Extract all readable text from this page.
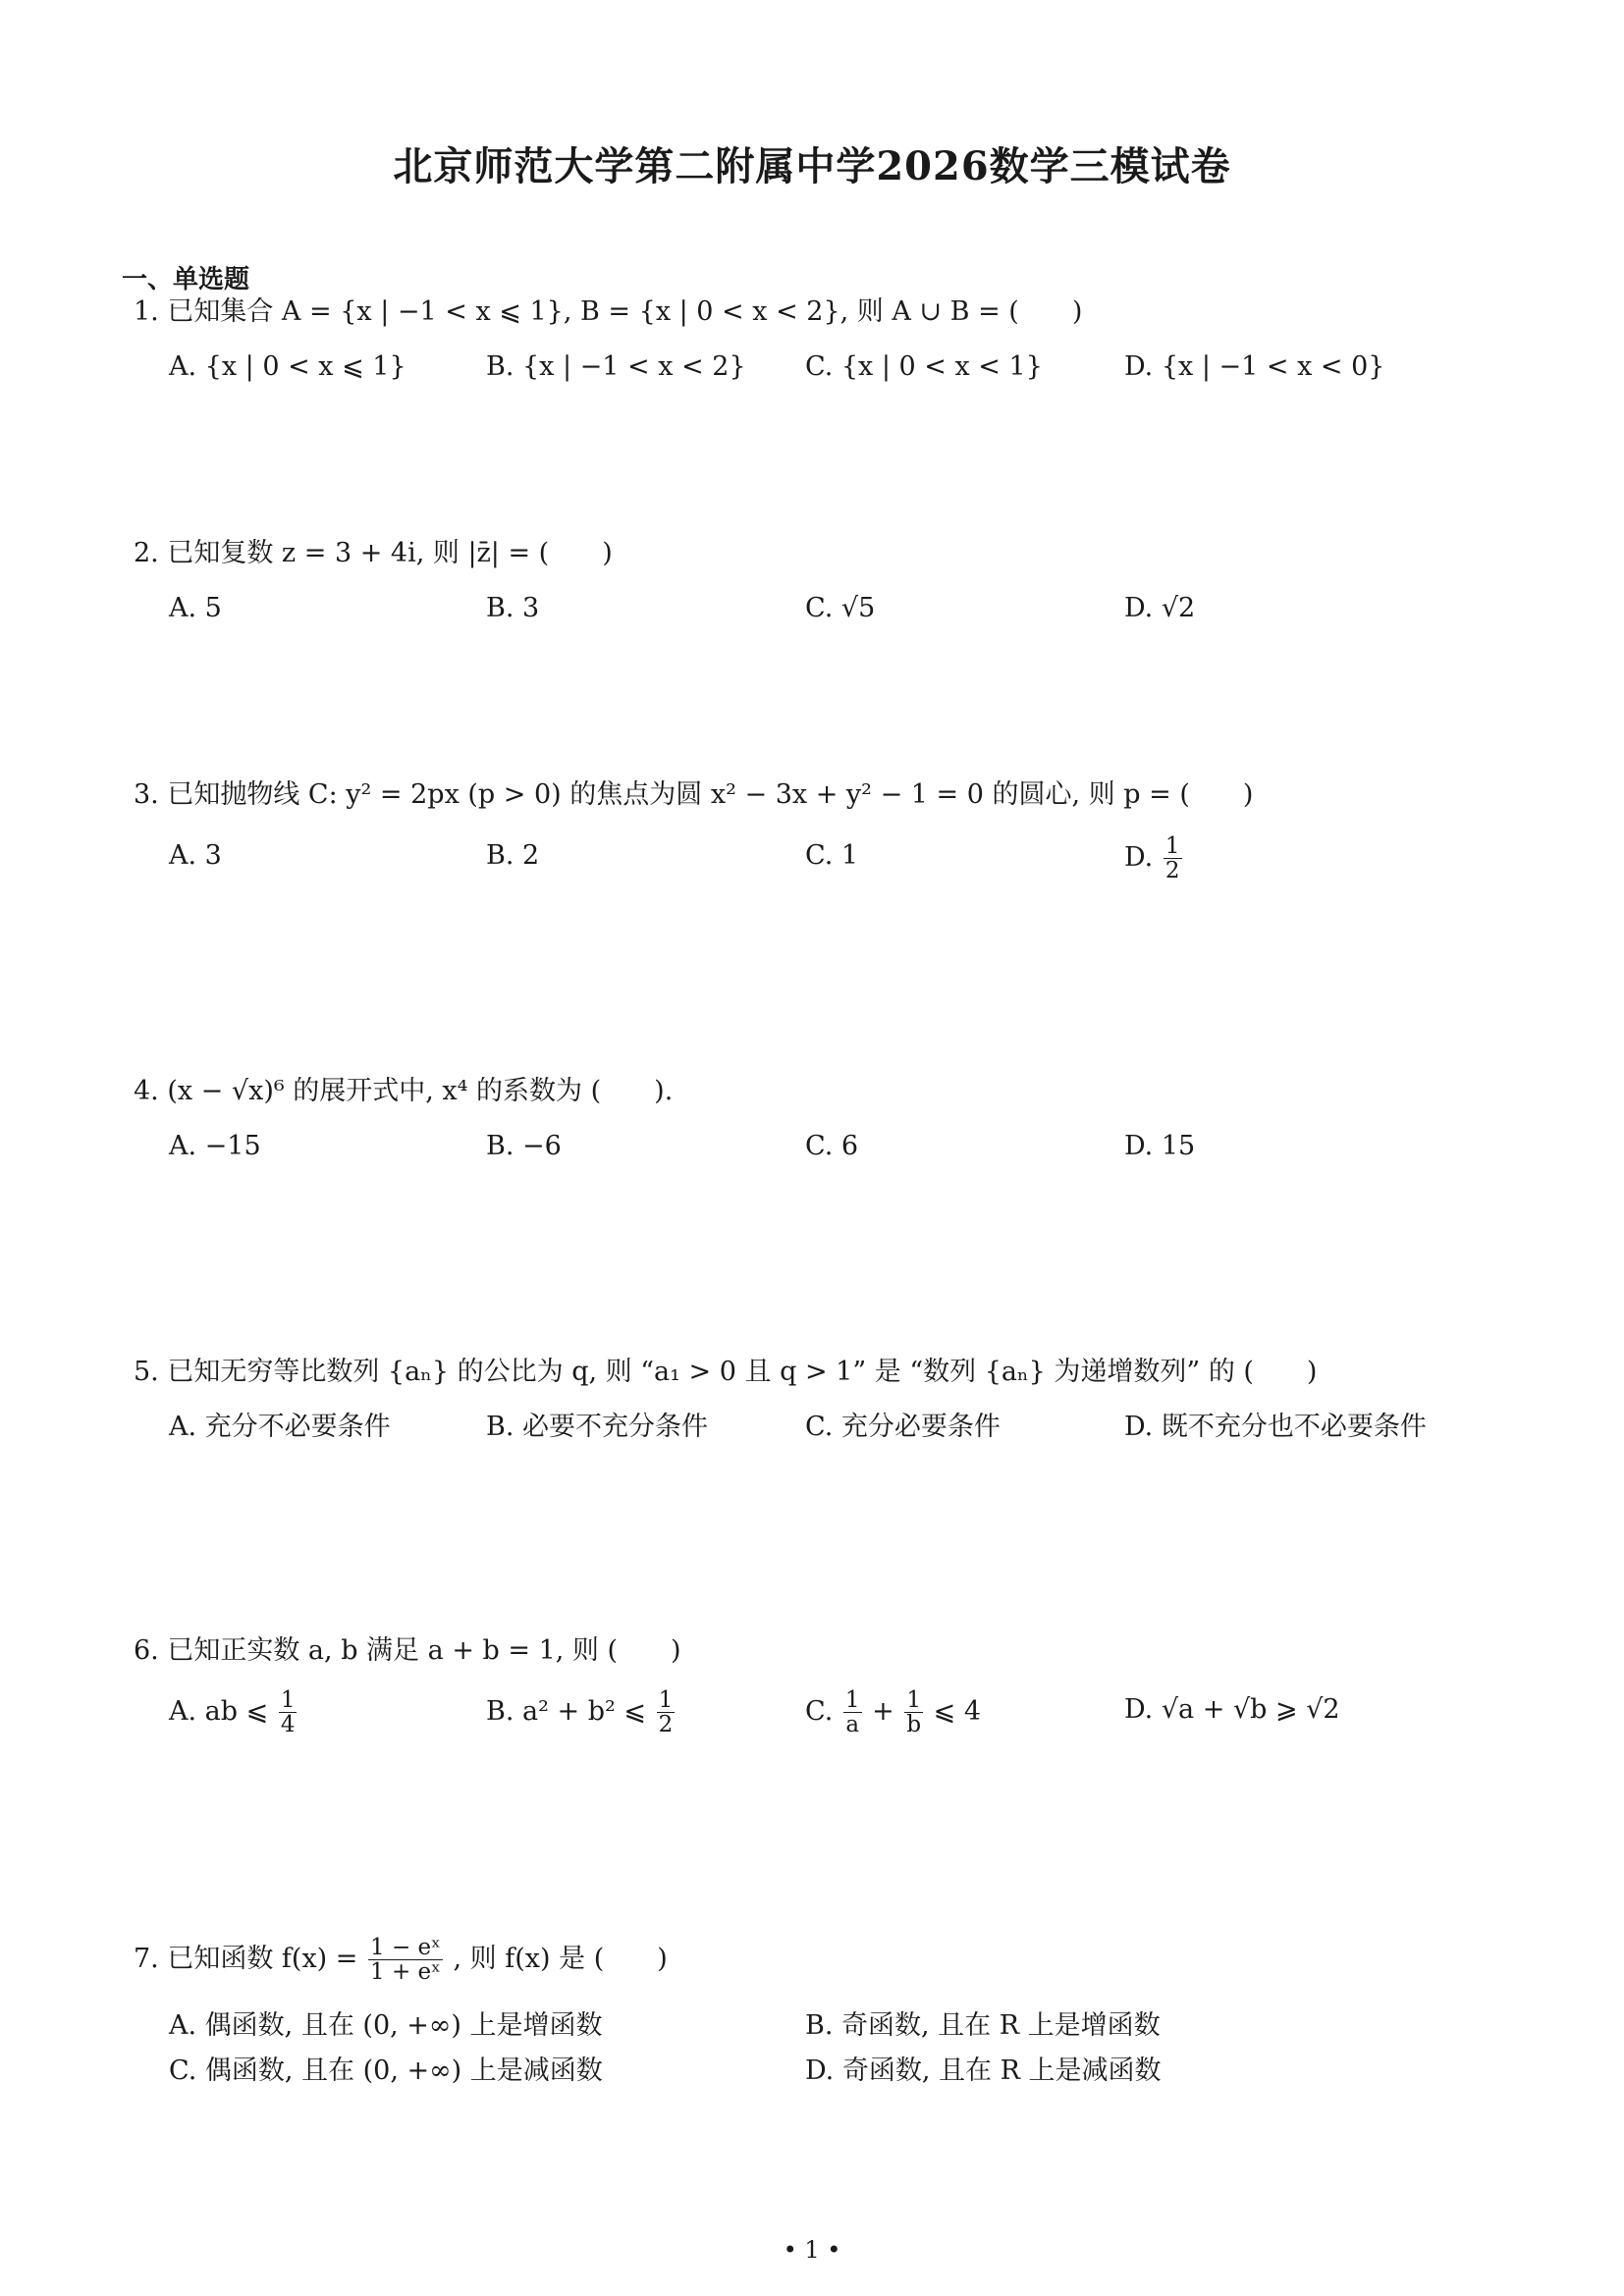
北京师范大学第二附属中学2026数学三模试卷
一、单选题
1. 已知集合 A = {x | −1 < x ⩽ 1}, B = {x | 0 < x < 2}, 则 A ∪ B = (　　)
A. {x | 0 < x ⩽ 1}	B. {x | −1 < x < 2} C. {x | 0 < x < 1}	D. {x | −1 < x < 0}
2. 已知复数 z = 3 + 4i, 则 |z̄| = (　　)
A. 5	B. 3	C. √5	D. √2
3. 已知抛物线 C: y² = 2px (p > 0) 的焦点为圆 x² − 3x + y² − 1 = 0 的圆心, 则 p = (　　)
A. 3	B. 2	C. 1	D. $\frac{1}{2}$
4. (x − √x)⁶ 的展开式中, x⁴ 的系数为 (　　).
A. −15	B. −6	C. 6	D. 15
5. 已知无穷等比数列 {aₙ} 的公比为 q, 则 “a₁ > 0 且 q > 1” 是 “数列 {aₙ} 为递增数列” 的 (　　)
A. 充分不必要条件	B. 必要不充分条件	C. 充分必要条件	D. 既不充分也不必要条件
6. 已知正实数 a, b 满足 a + b = 1, 则 (　　)
A. ab ⩽ $\frac{1}{4}$	B. a² + b² ⩽ $\frac{1}{2}$	C. $\frac{1}{a} + \frac{1}{b}$ ⩽ 4	D. √a + √b ⩾ √2
7. 已知函数 $f(x) = \frac{\text{1 − eˣ}}{\text{1 + eˣ}}$ , 则 f(x) 是 (　　)
A. 偶函数, 且在 (0, +∞) 上是增函数	B. 奇函数, 且在 R 上是增函数
C. 偶函数, 且在 (0, +∞) 上是减函数	D. 奇函数, 且在 R 上是减函数
• 1 •
